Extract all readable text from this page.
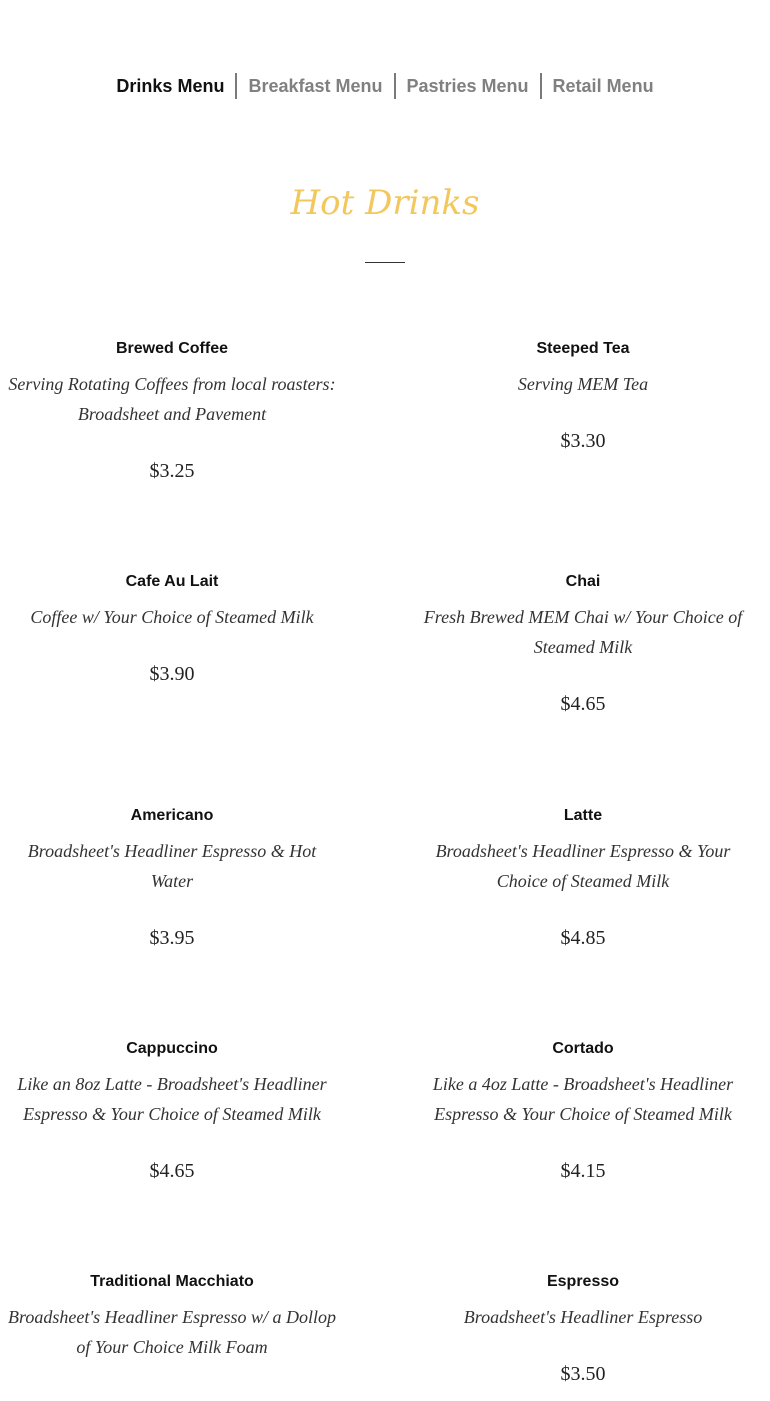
Drinks Menu	Breakfast Menu	Pastries Menu	Retail Menu
Hot Drinks
Brewed Coffee
Serving Rotating Coffees from local roasters: Broadsheet and Pavement
$3.25
Steeped Tea
Serving MEM Tea
$3.30
Cafe Au Lait
Coffee w/ Your Choice of Steamed Milk
$3.90
Chai
Fresh Brewed MEM Chai w/ Your Choice of Steamed Milk
$4.65
Americano
Broadsheet's Headliner Espresso & Hot Water
$3.95
Latte
Broadsheet's Headliner Espresso & Your Choice of Steamed Milk
$4.85
Cappuccino
Like an 8oz Latte - Broadsheet's Headliner Espresso & Your Choice of Steamed Milk
$4.65
Cortado
Like a 4oz Latte - Broadsheet's Headliner Espresso & Your Choice of Steamed Milk
$4.15
Traditional Macchiato
Broadsheet's Headliner Espresso w/ a Dollop of Your Choice Milk Foam
Espresso
Broadsheet's Headliner Espresso
$3.50
